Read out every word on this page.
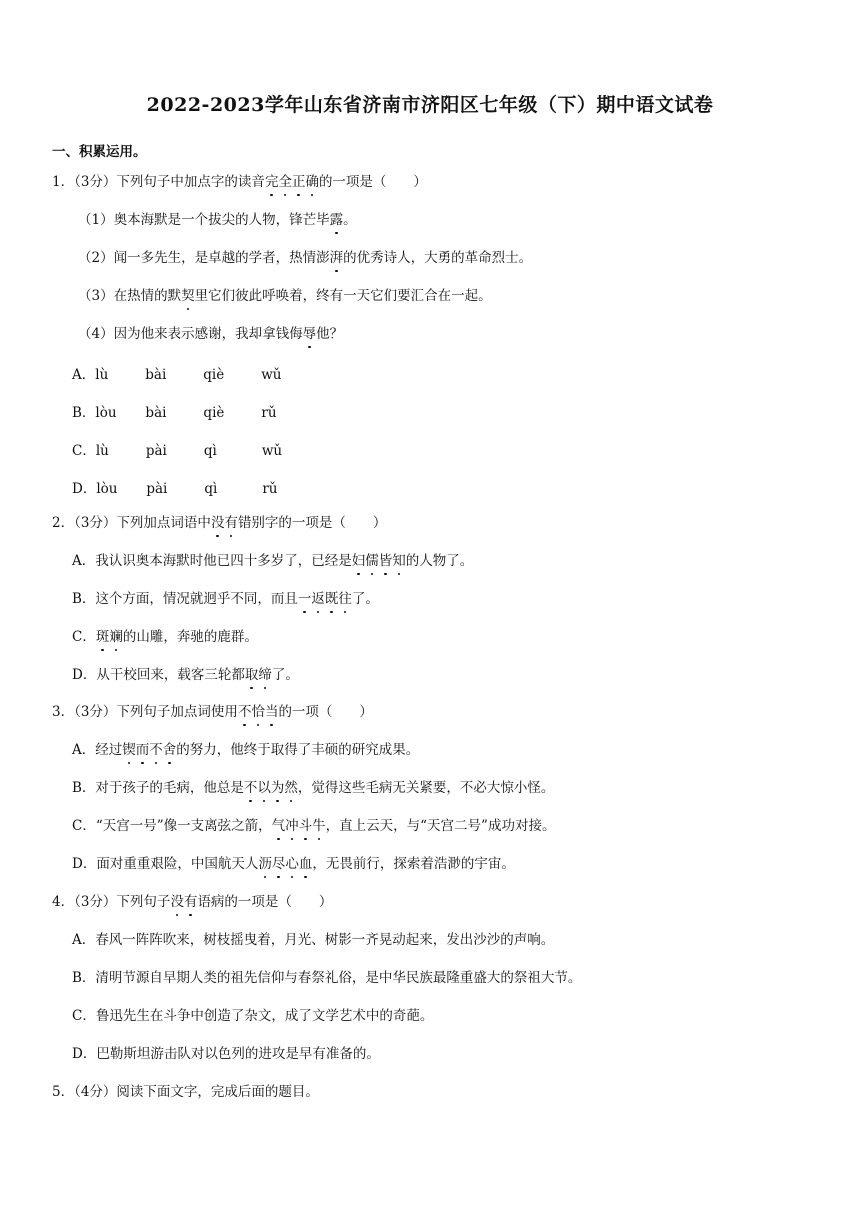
2022-2023学年山东省济南市济阳区七年级（下）期中语文试卷
一、积累运用。
1．（3分）下列句子中加点字的读音完全正确的一项是（　　）
（1）奥本海默是一个拔尖的人物，锋芒毕露。
（2）闻一多先生，是卓越的学者，热情澎湃的优秀诗人，大勇的革命烈士。
（3）在热情的默契里它们彼此呼唤着，终有一天它们要汇合在一起。
（4）因为他来表示感谢，我却拿钱侮辱他？
A．lù	bài	qiè	wǔ
B．lòu bài	qiè	rǔ
C．lù	pài	qì	wǔ
D．lòu pài	qì	rǔ
2．（3分）下列加点词语中没有错别字的一项是（　　）
A．我认识奥本海默时他已四十多岁了，已经是妇儒皆知的人物了。
B．这个方面，情况就迥乎不同，而且一返既往了。
C．斑斓的山雕，奔驰的鹿群。
D．从干校回来，载客三轮都取缔了。
3．（3分）下列句子加点词使用不恰当的一项（　　）
A．经过锲而不舍的努力，他终于取得了丰硕的研究成果。
B．对于孩子的毛病，他总是不以为然，觉得这些毛病无关紧要，不必大惊小怪。
C．“天宫一号”像一支离弦之箭，气冲斗牛，直上云天，与“天宫二号”成功对接。
D．面对重重艰险，中国航天人沥尽心血，无畏前行，探索着浩渺的宇宙。
4．（3分）下列句子没有语病的一项是（　　）
A．春风一阵阵吹来，树枝摇曳着，月光、树影一齐晃动起来，发出沙沙的声响。
B．清明节源自早期人类的祖先信仰与春祭礼俗，是中华民族最隆重盛大的祭祖大节。
C．鲁迅先生在斗争中创造了杂文，成了文学艺术中的奇葩。
D．巴勒斯坦游击队对以色列的进攻是早有准备的。
5．（4分）阅读下面文字，完成后面的题目。
